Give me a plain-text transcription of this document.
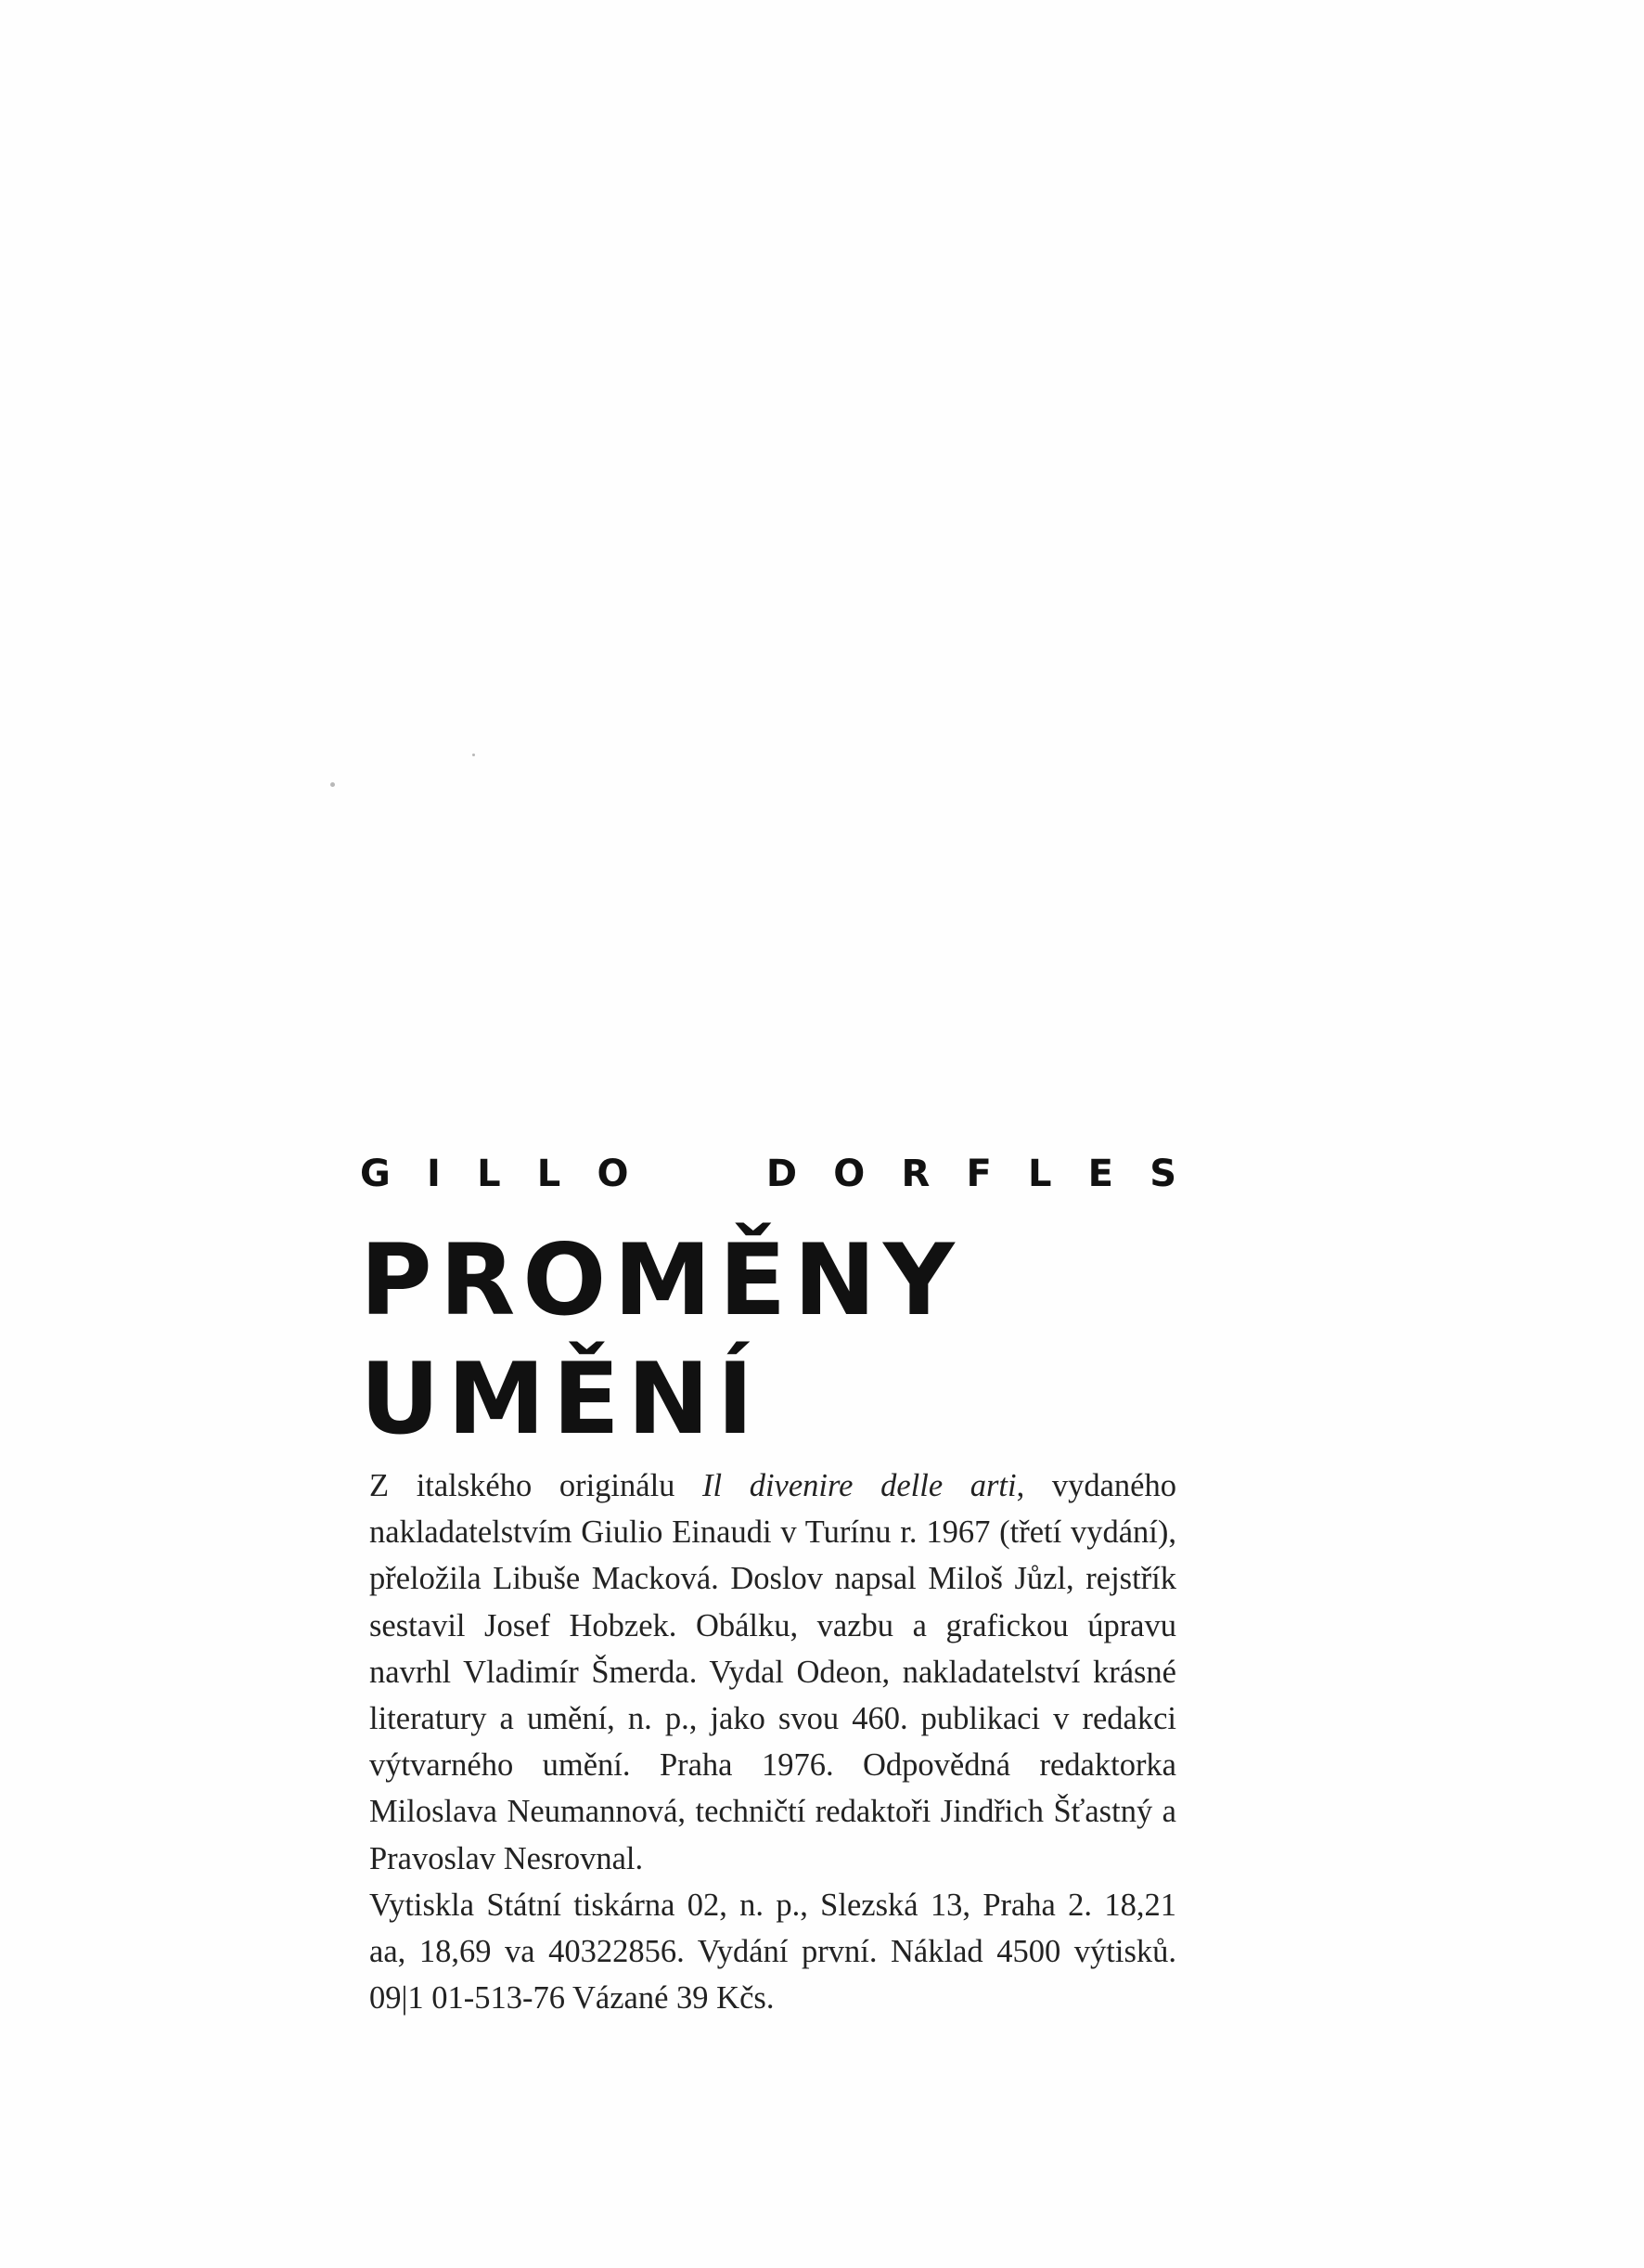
G I L L O	D O R F L E S
PROMĚNY
UMĚNÍ

Z italského originálu Il divenire delle arti, vydaného nakladatelstvím Giulio Einaudi v Turínu r. 1967 (třetí vydání), přeložila Libuše Macková. Doslov napsal Miloš Jůzl, rejstřík sestavil Josef Hobzek. Obálku, vazbu a grafickou úpravu navrhl Vladimír Šmerda. Vydal Odeon, nakladatelství krásné literatury a umění, n. p., jako svou 460. publikaci v redakci výtvarného umění. Praha 1976. Odpovědná redaktorka Miloslava Neumannová, techničtí redaktoři Jindřich Šťastný a Pravoslav Nesrovnal.

Vytiskla Státní tiskárna 02, n. p., Slezská 13, Praha 2. 18,21 aa, 18,69 va 40322856. Vydání první. Náklad 4500 výtisků. 09|1 01-513-76 Vázané 39 Kčs.
